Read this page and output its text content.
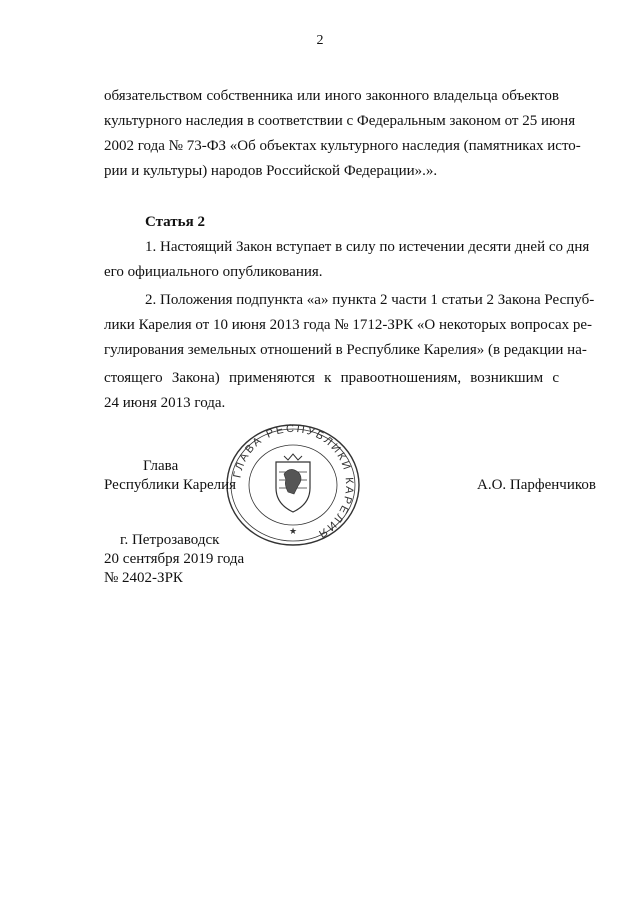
2
обязательством собственника или иного законного владельца объектов
культурного наследия в соответствии с Федеральным законом от 25 июня
2002 года № 73-ФЗ «Об объектах культурного наследия (памятниках исто-
рии и культуры) народов Российской Федерации».».
Статья 2
1. Настоящий Закон вступает в силу по истечении десяти дней со дня
его официального опубликования.
2. Положения подпункта «а» пункта 2 части 1 статьи 2 Закона Респуб-
лики Карелия от 10 июня 2013 года № 1712-ЗРК «О некоторых вопросах ре-
гулирования земельных отношений в Республике Карелия» (в редакции на-
стоящего Закона) применяются к правоотношениям, возникшим с
24 июня 2013 года.
ГЛАВА РЕСПУБЛИКИ КАРЕЛИЯ
★
Глава
Республики Карелия	А.О. Парфенчиков
г. Петрозаводск
20 сентября 2019 года
№ 2402-ЗРК
